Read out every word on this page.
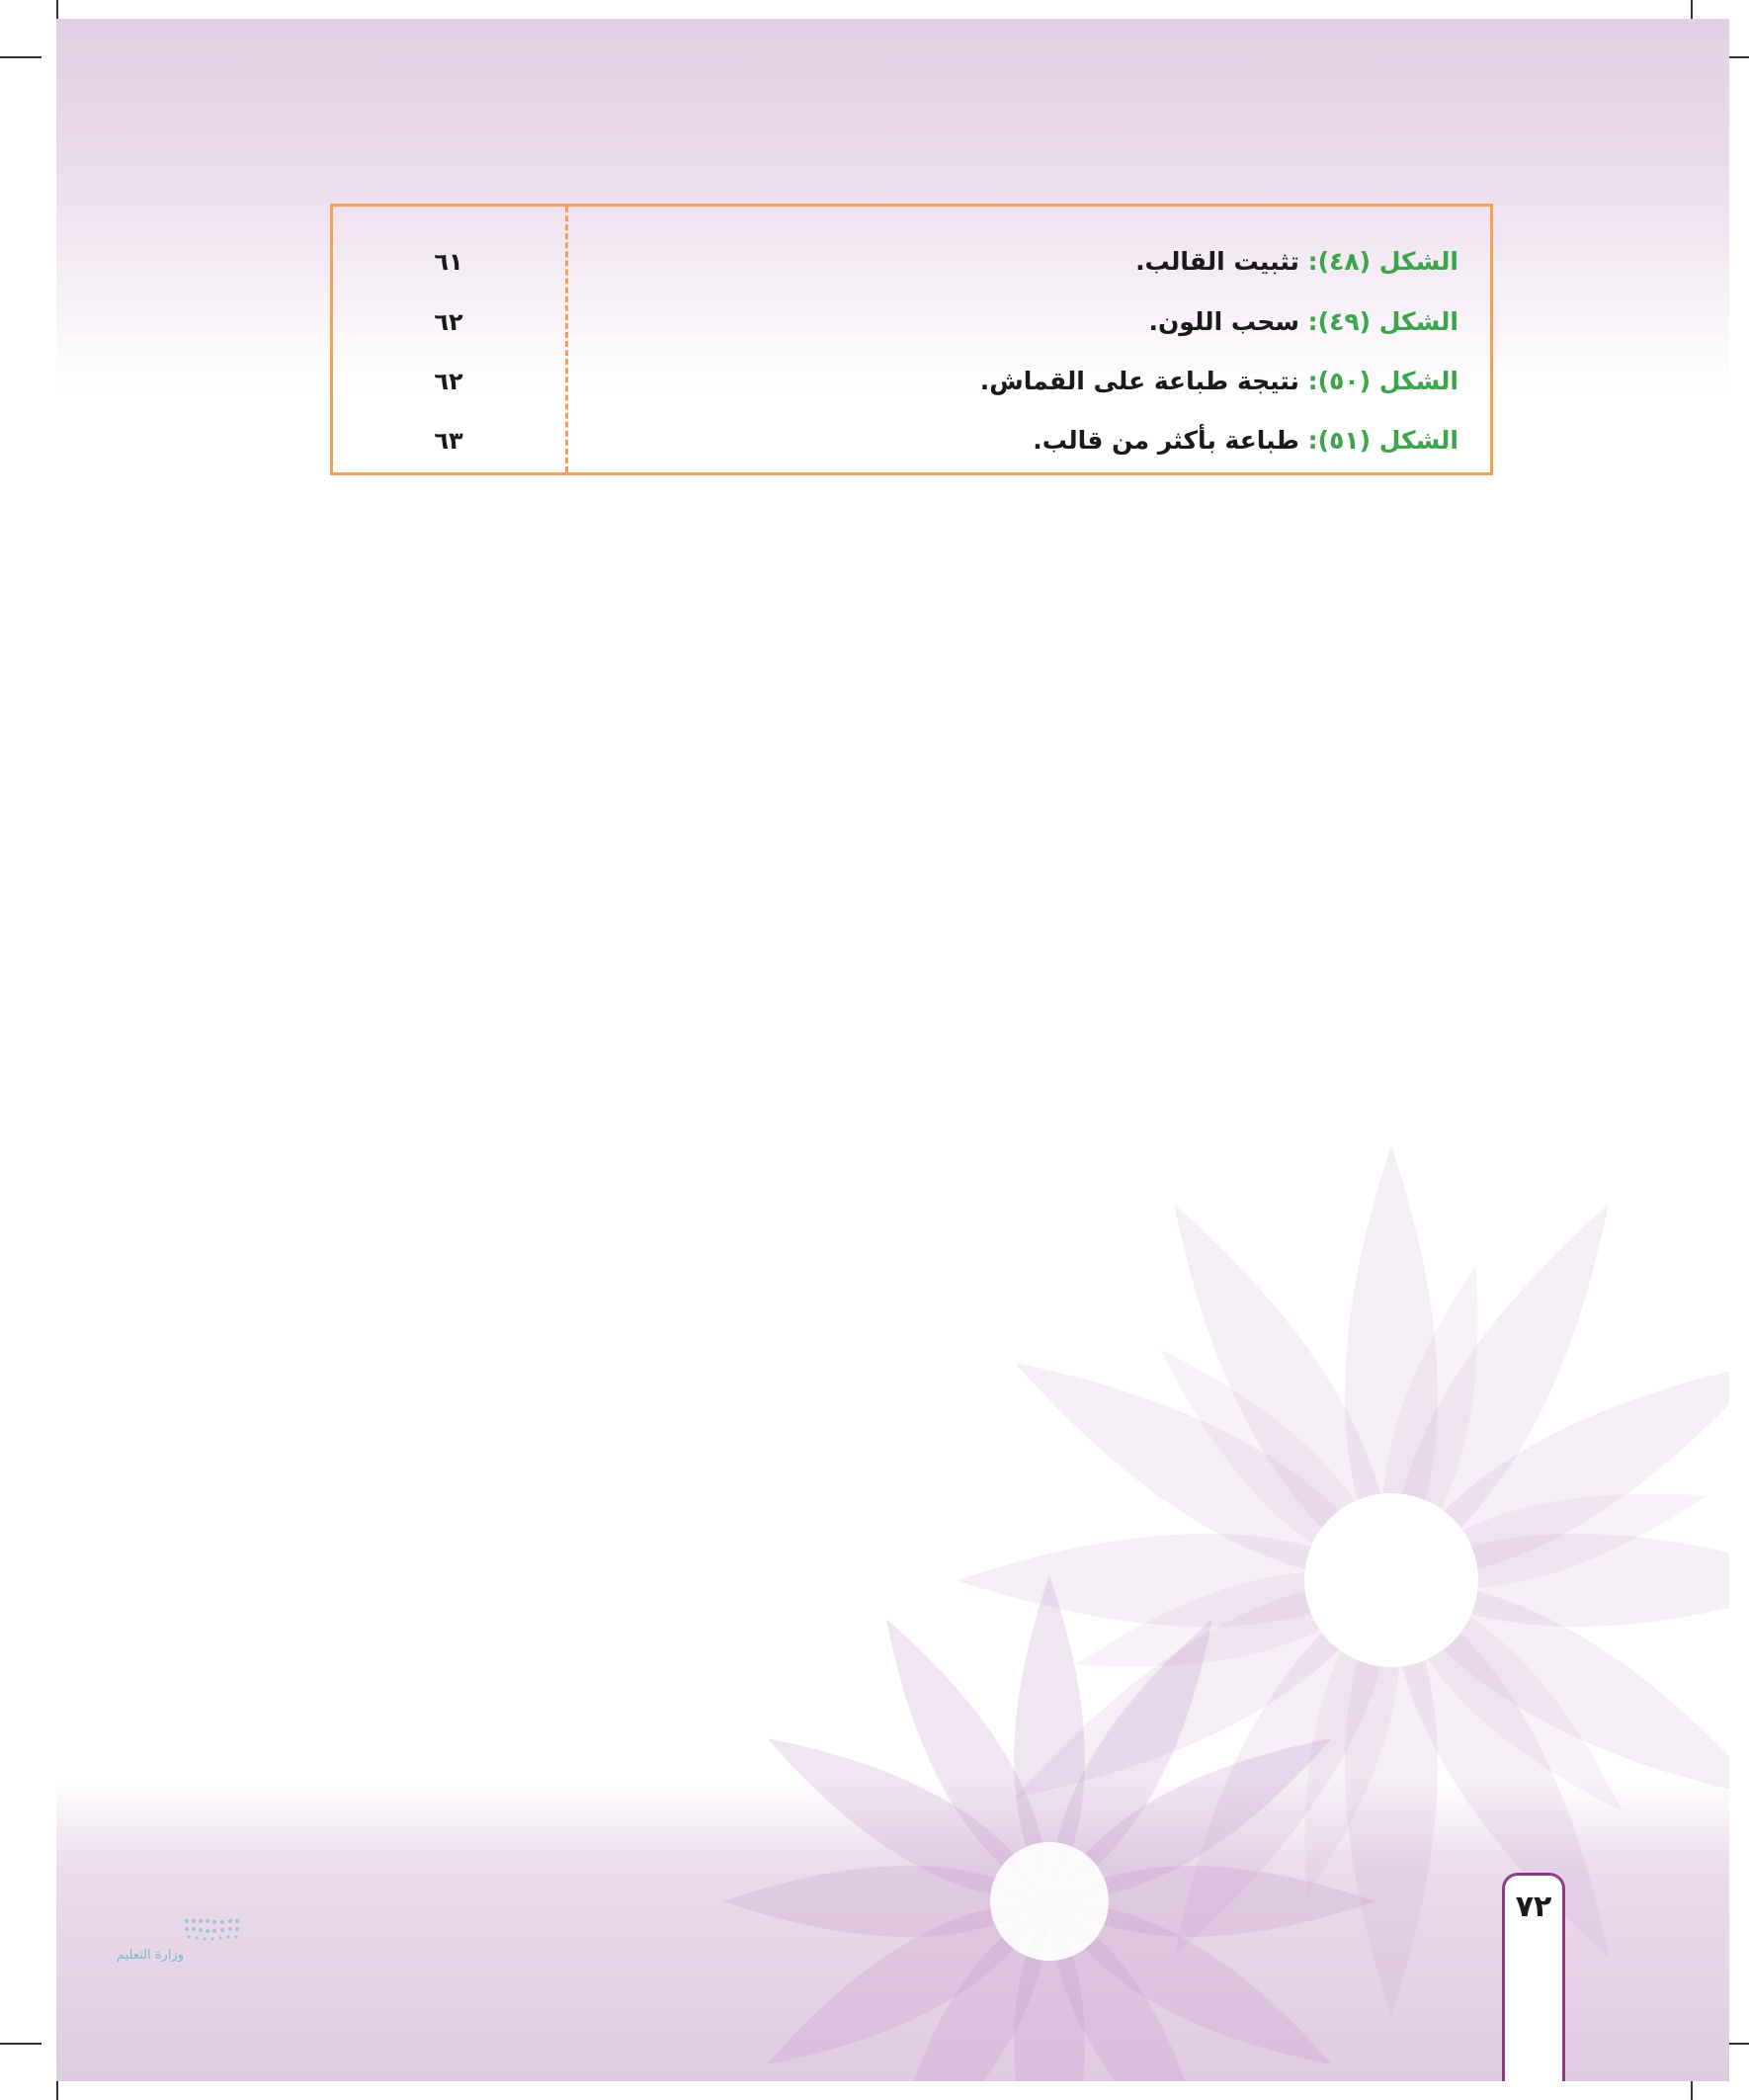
الشكل (٤٨): تثبيت القالب.
٦١
الشكل (٤٩): سحب اللون.
٦٢
الشكل (٥٠): نتيجة طباعة على القماش.
٦٢
الشكل (٥١): طباعة بأكثر من قالب.
٦٣
وزارة التعليم
٧٢
